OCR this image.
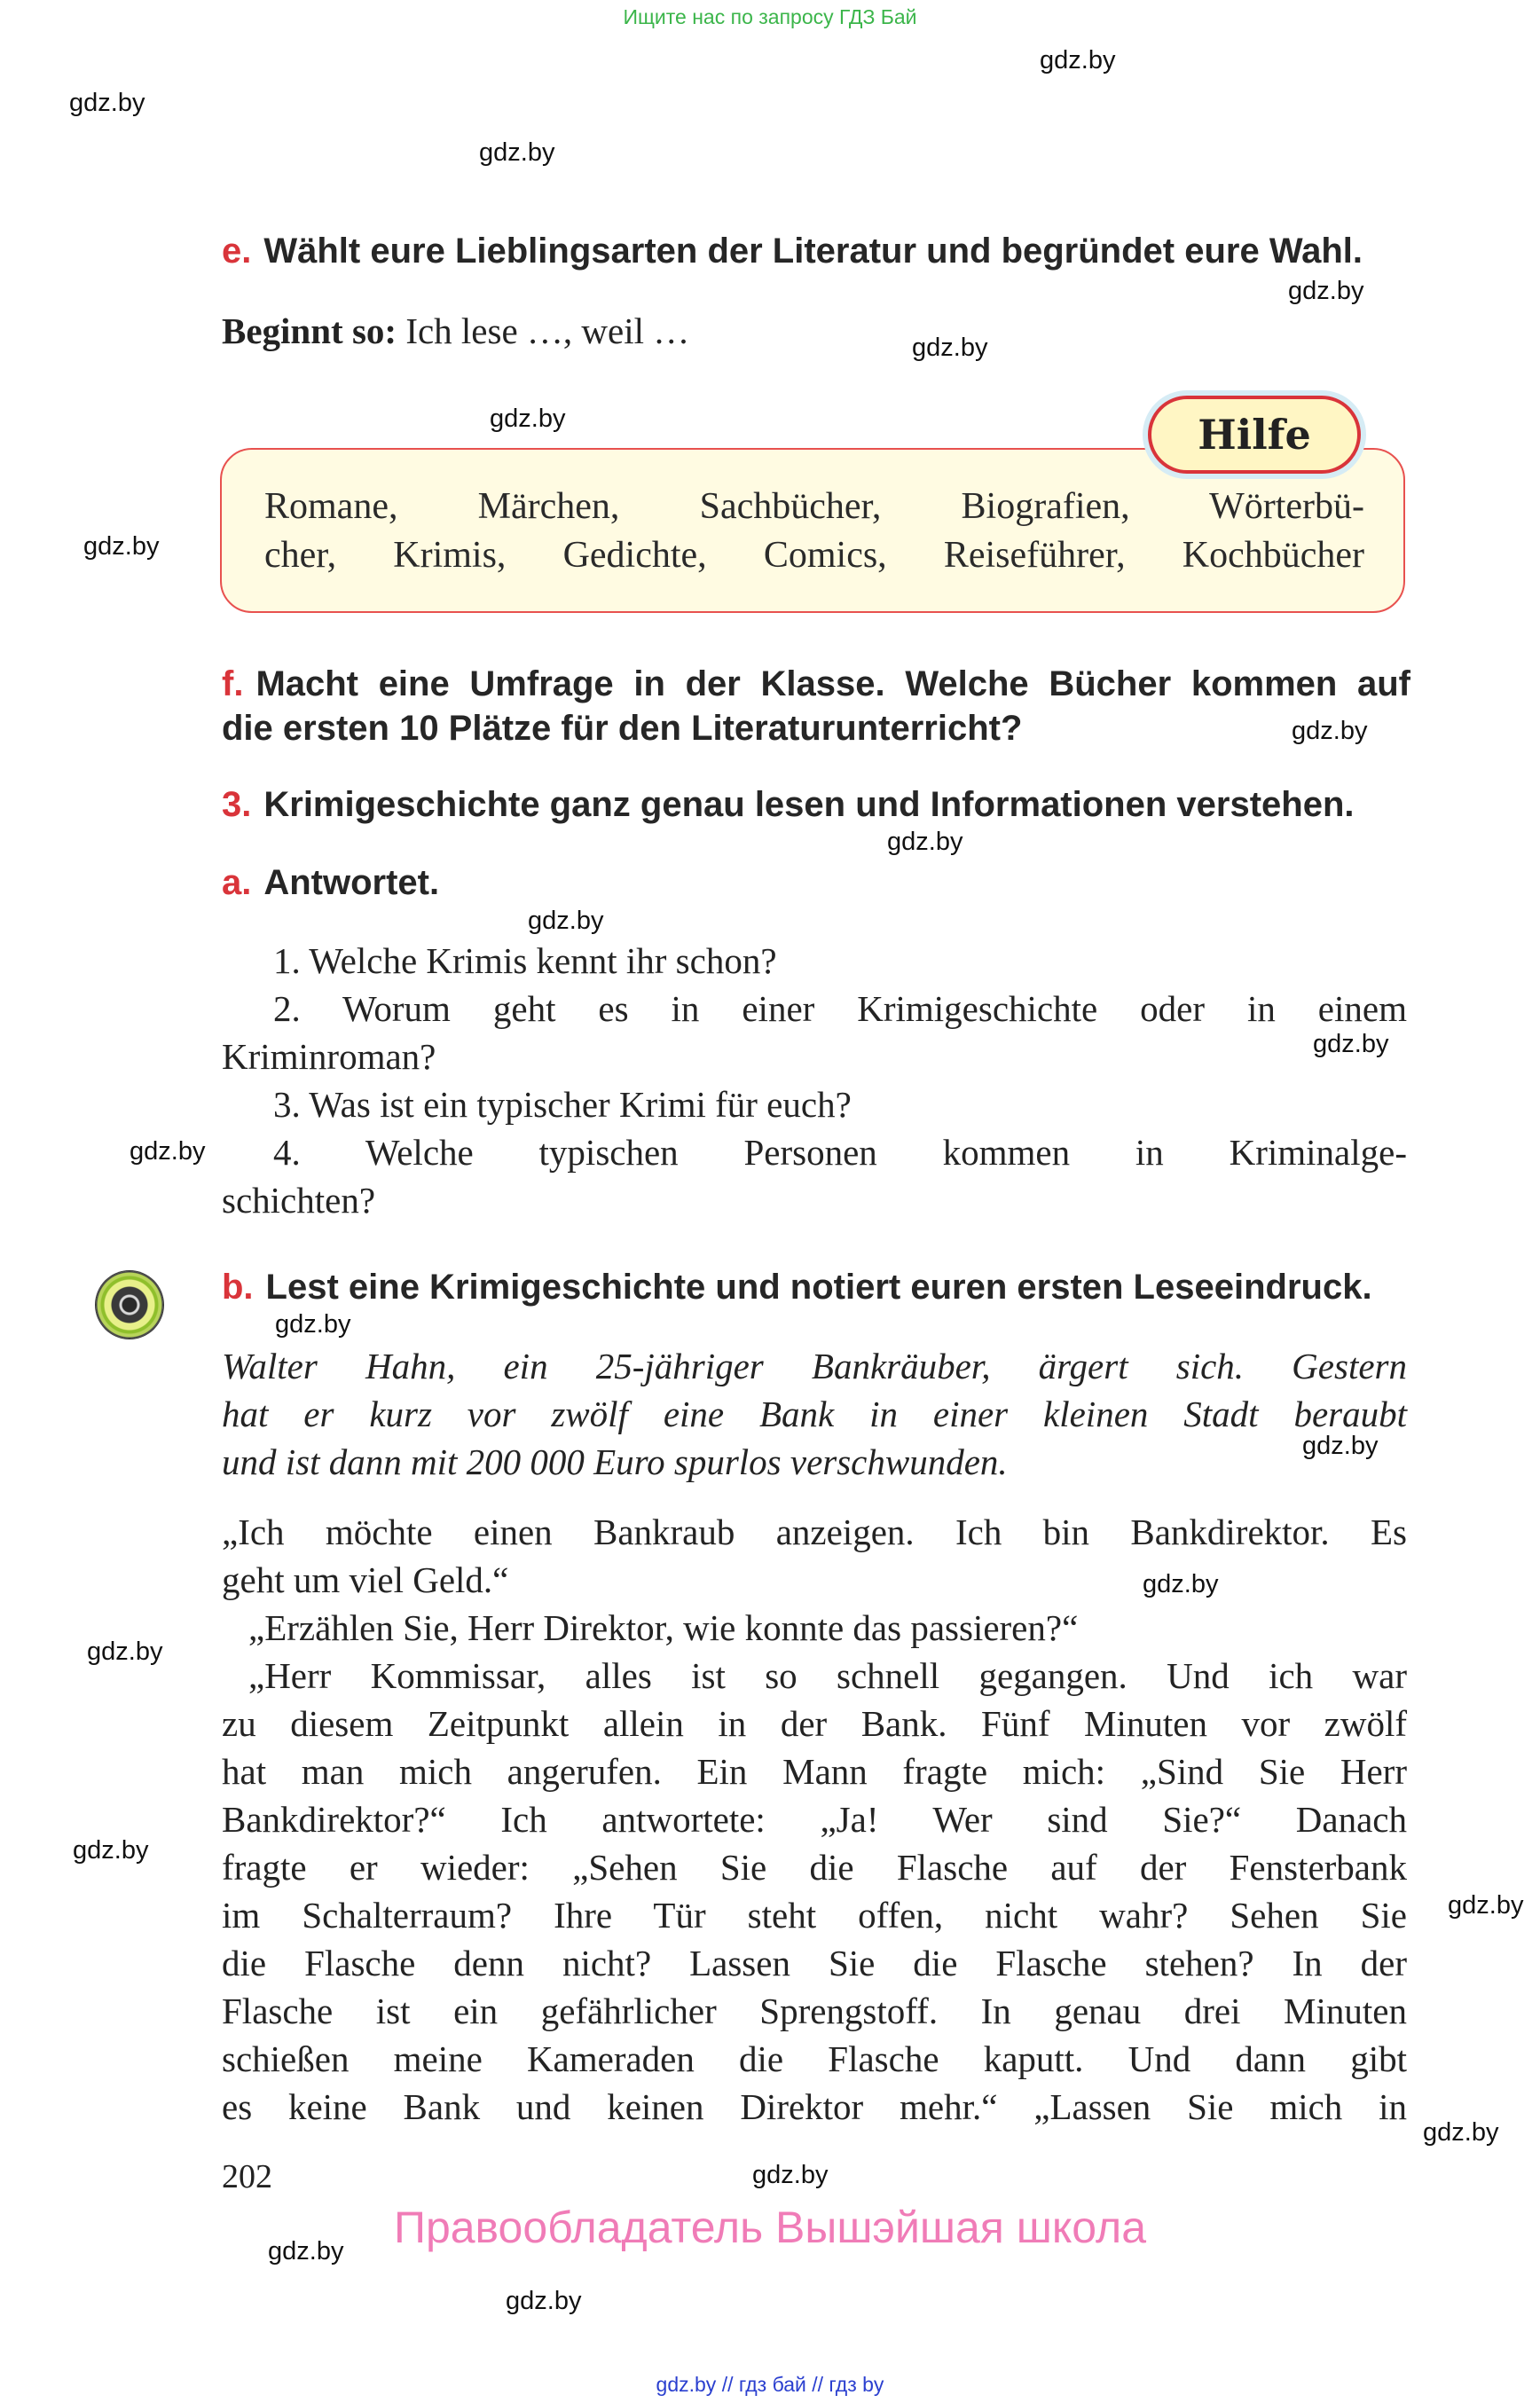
Ищите нас по запросу ГДЗ Бай
gdz.by
gdz.by
gdz.by
gdz.by
gdz.by
gdz.by
gdz.by
gdz.by
gdz.by
gdz.by
gdz.by
gdz.by
gdz.by
gdz.by
gdz.by
gdz.by
gdz.by
gdz.by
gdz.by
gdz.by
gdz.by
gdz.by
e. Wählt eure Lieblingsarten der Literatur und begründet eure Wahl.
Beginnt so: Ich lese …, weil …
Hilfe
Romane, Märchen, Sachbücher, Biografien, Wörterbü-
cher, Krimis, Gedichte, Comics, Reiseführer, Kochbücher
f. Macht eine Umfrage in der Klasse. Welche Bücher kommen auf
die ersten 10 Plätze für den Literaturunterricht?
3. Krimigeschichte ganz genau lesen und Informationen verstehen.
a. Antwortet.
1. Welche Krimis kennt ihr schon?
2. Worum geht es in einer Krimigeschichte oder in einem
Kriminroman?
3. Was ist ein typischer Krimi für euch?
4. Welche typischen Personen kommen in Kriminalge-
schichten?
b. Lest eine Krimigeschichte und notiert euren ersten Leseeindruck.
Walter Hahn, ein 25-jähriger Bankräuber, ärgert sich. Gestern
hat er kurz vor zwölf eine Bank in einer kleinen Stadt beraubt
und ist dann mit 200 000 Euro spurlos verschwunden.
„Ich möchte einen Bankraub anzeigen. Ich bin Bankdirektor. Es
geht um viel Geld.“
„Erzählen Sie, Herr Direktor, wie konnte das passieren?“
„Herr Kommissar, alles ist so schnell gegangen. Und ich war
zu diesem Zeitpunkt allein in der Bank. Fünf Minuten vor zwölf
hat man mich angerufen. Ein Mann fragte mich: „Sind Sie Herr
Bankdirektor?“ Ich antwortete: „Ja! Wer sind Sie?“ Danach
fragte er wieder: „Sehen Sie die Flasche auf der Fensterbank
im Schalterraum? Ihre Tür steht offen, nicht wahr? Sehen Sie
die Flasche denn nicht? Lassen Sie die Flasche stehen? In der
Flasche ist ein gefährlicher Sprengstoff. In genau drei Minuten
schießen meine Kameraden die Flasche kaputt. Und dann gibt
es keine Bank und keinen Direktor mehr.“ „Lassen Sie mich in
202
Правообладатель Вышэйшая школа
gdz.by // гдз бай // гдз by
